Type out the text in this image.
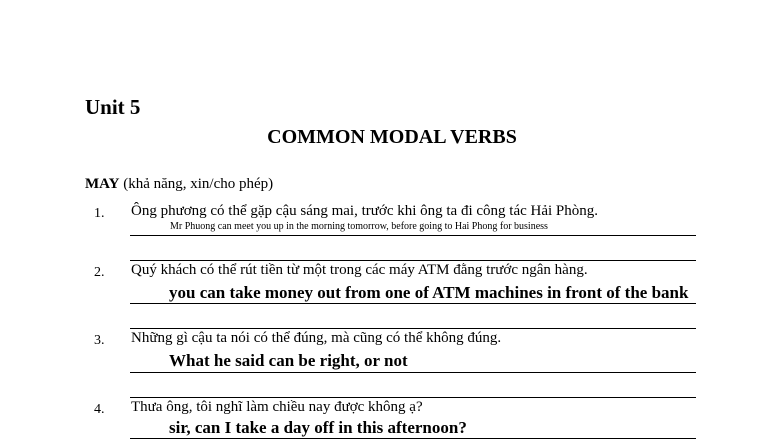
Unit 5
COMMON MODAL VERBS
MAY (khả năng, xin/cho phép)
1. Ông phương có thể gặp cậu sáng mai, trước khi ông ta đi công tác Hải Phòng.
Mr Phuong can meet you up in the morning tomorrow, before going to Hai Phong for business
2. Quý khách có thể rút tiền từ một trong các máy ATM đằng trước ngân hàng.
you can take money out from one of ATM machines in front of the bank
3. Những gì cậu ta nói có thể đúng, mà cũng có thể không đúng.
What he said can be right, or not
4. Thưa ông, tôi nghĩ làm chiều nay được không ạ?
sir, can I take a day off in this afternoon?
